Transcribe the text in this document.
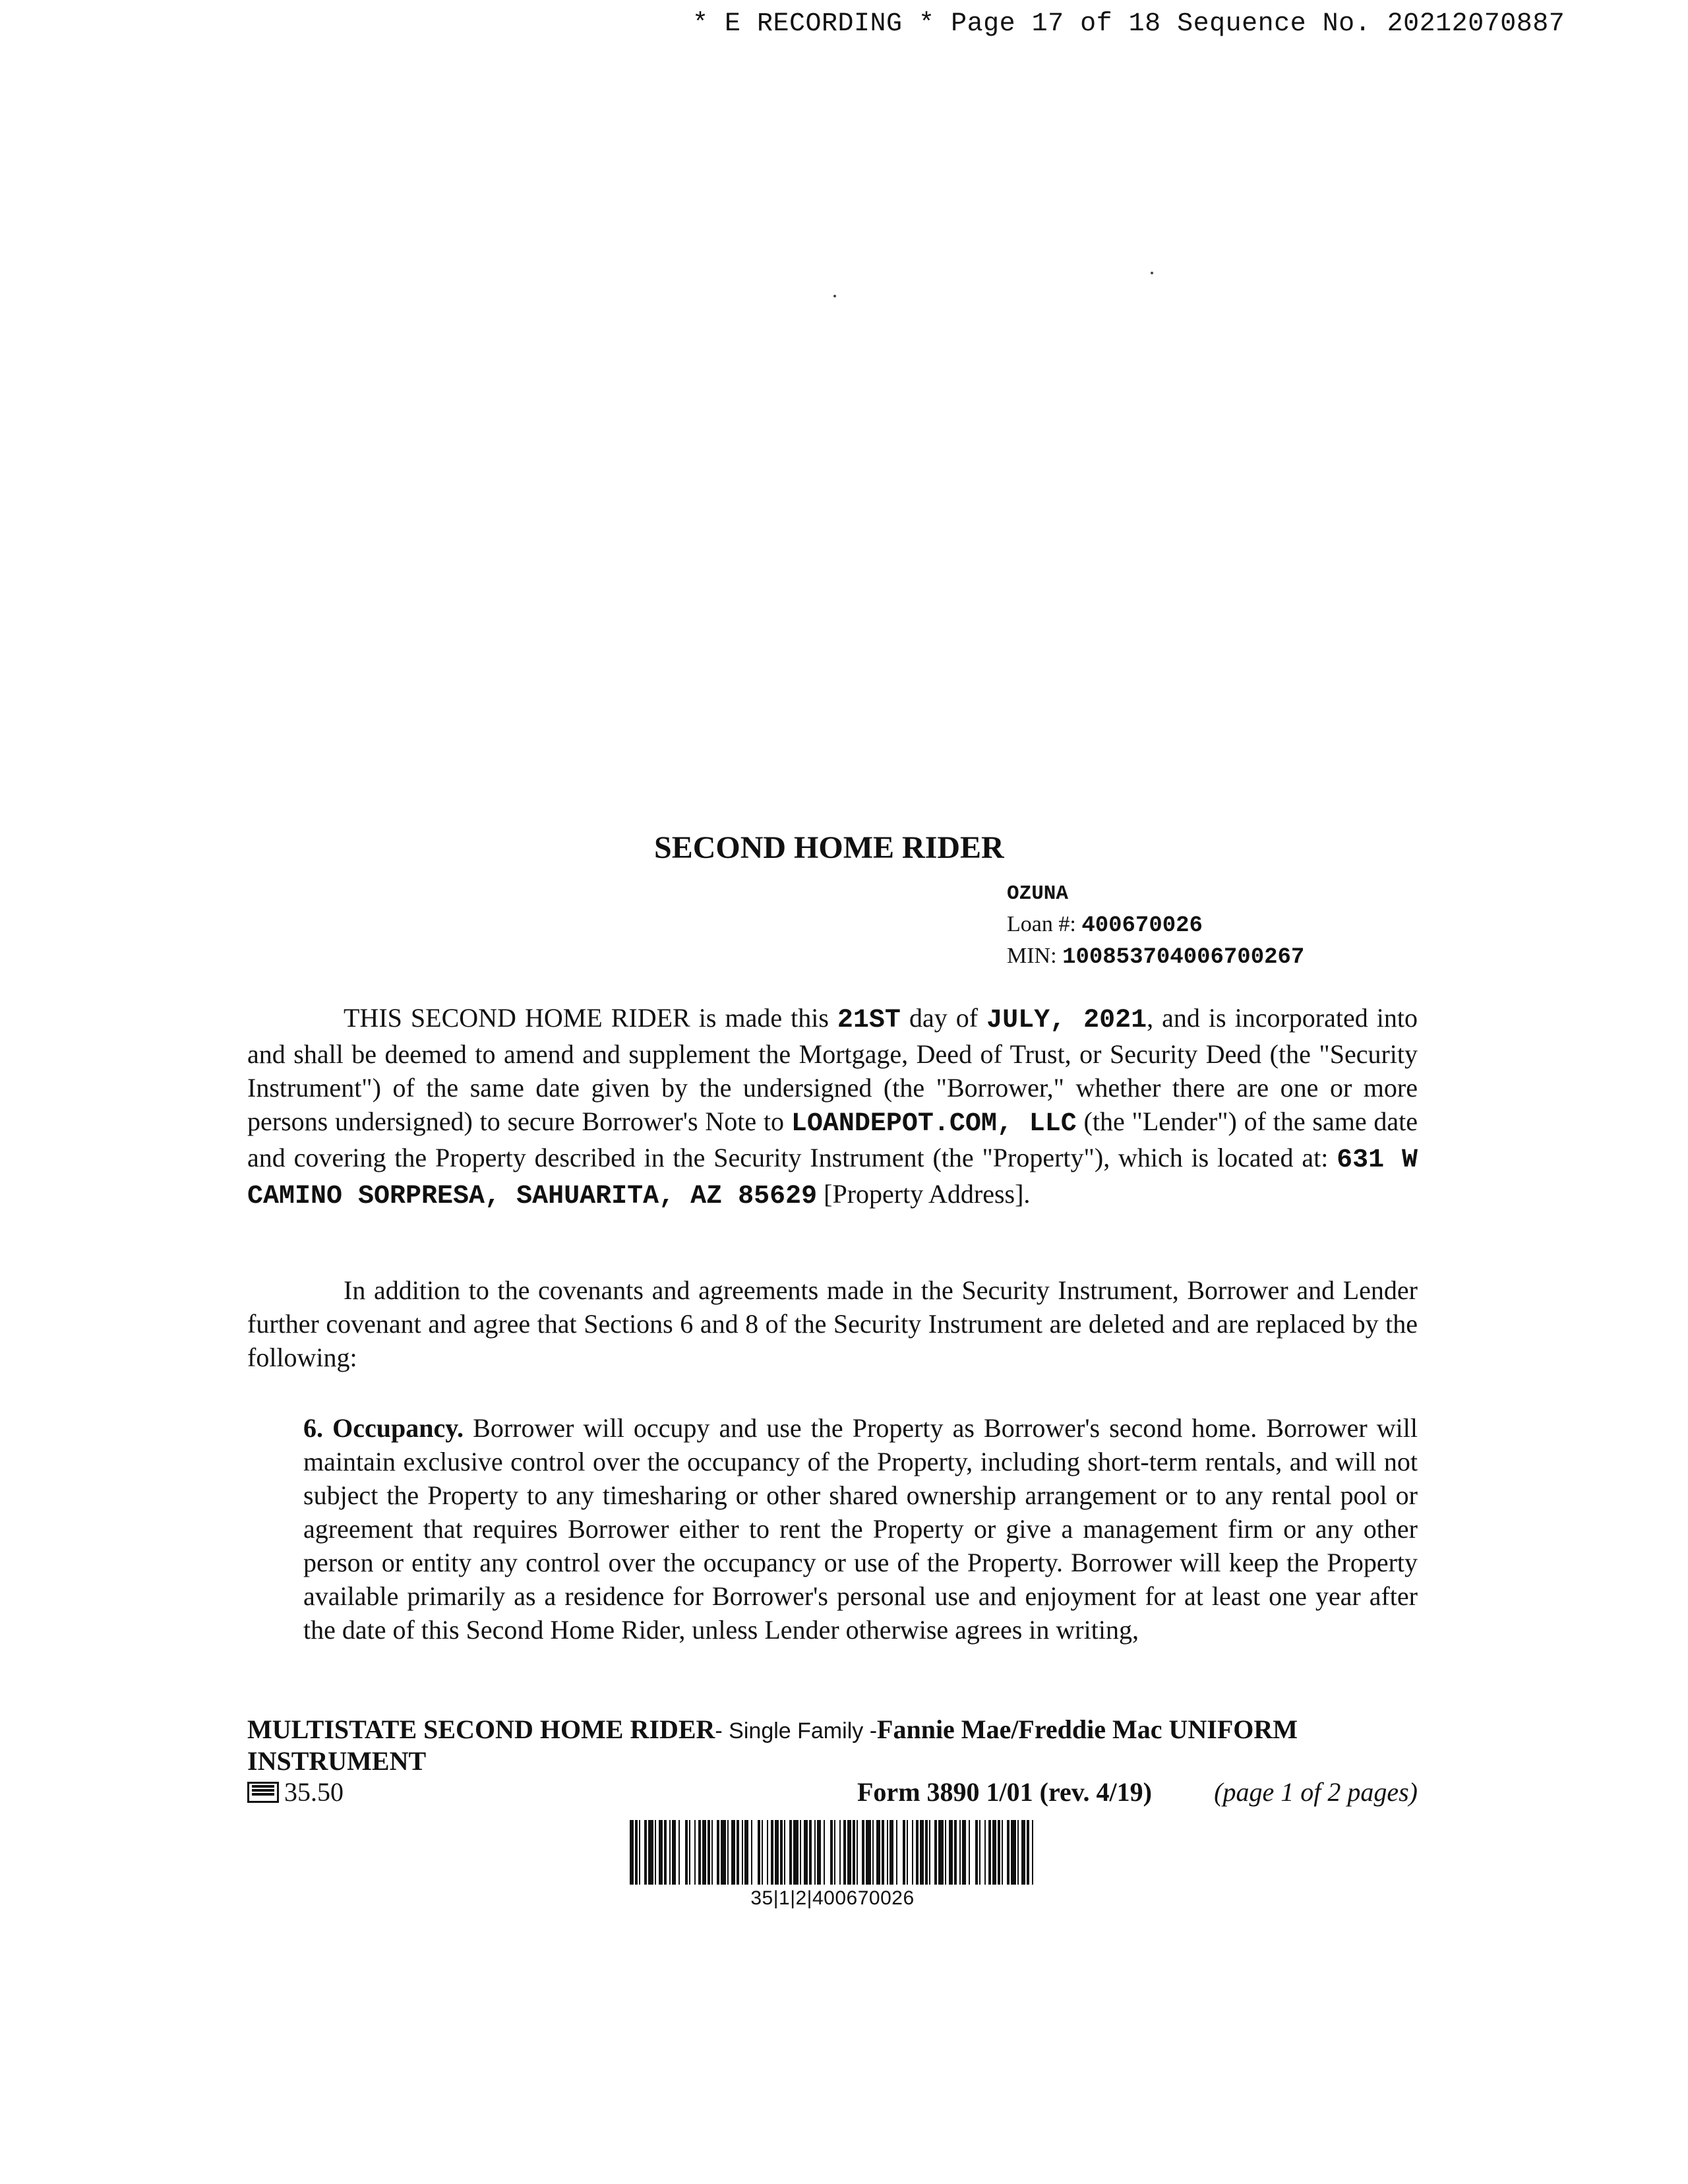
* E RECORDING * Page 17 of 18 Sequence No. 20212070887
SECOND HOME RIDER
OZUNA
Loan #: 400670026
MIN: 100853704006700267

THIS SECOND HOME RIDER is made this 21ST day of JULY, 2021, and is incorporated into and shall be deemed to amend and supplement the Mortgage, Deed of Trust, or Security Deed (the "Security Instrument") of the same date given by the undersigned (the "Borrower," whether there are one or more persons undersigned) to secure Borrower's Note to LOANDEPOT.COM, LLC (the "Lender") of the same date and covering the Property described in the Security Instrument (the "Property"), which is located at: 631 W CAMINO SORPRESA, SAHUARITA, AZ 85629 [Property Address].

In addition to the covenants and agreements made in the Security Instrument, Borrower and Lender further covenant and agree that Sections 6 and 8 of the Security Instrument are deleted and are replaced by the following:

6. Occupancy. Borrower will occupy and use the Property as Borrower's second home. Borrower will maintain exclusive control over the occupancy of the Property, including short-term rentals, and will not subject the Property to any timesharing or other shared ownership arrangement or to any rental pool or agreement that requires Borrower either to rent the Property or give a management firm or any other person or entity any control over the occupancy or use of the Property. Borrower will keep the Property available primarily as a residence for Borrower's personal use and enjoyment for at least one year after the date of this Second Home Rider, unless Lender otherwise agrees in writing,

MULTISTATE SECOND HOME RIDER- Single Family -Fannie Mae/Freddie Mac UNIFORM INSTRUMENT
35.50	Form 3890 1/01 (rev. 4/19) (page 1 of 2 pages)
35|1|2|400670026
